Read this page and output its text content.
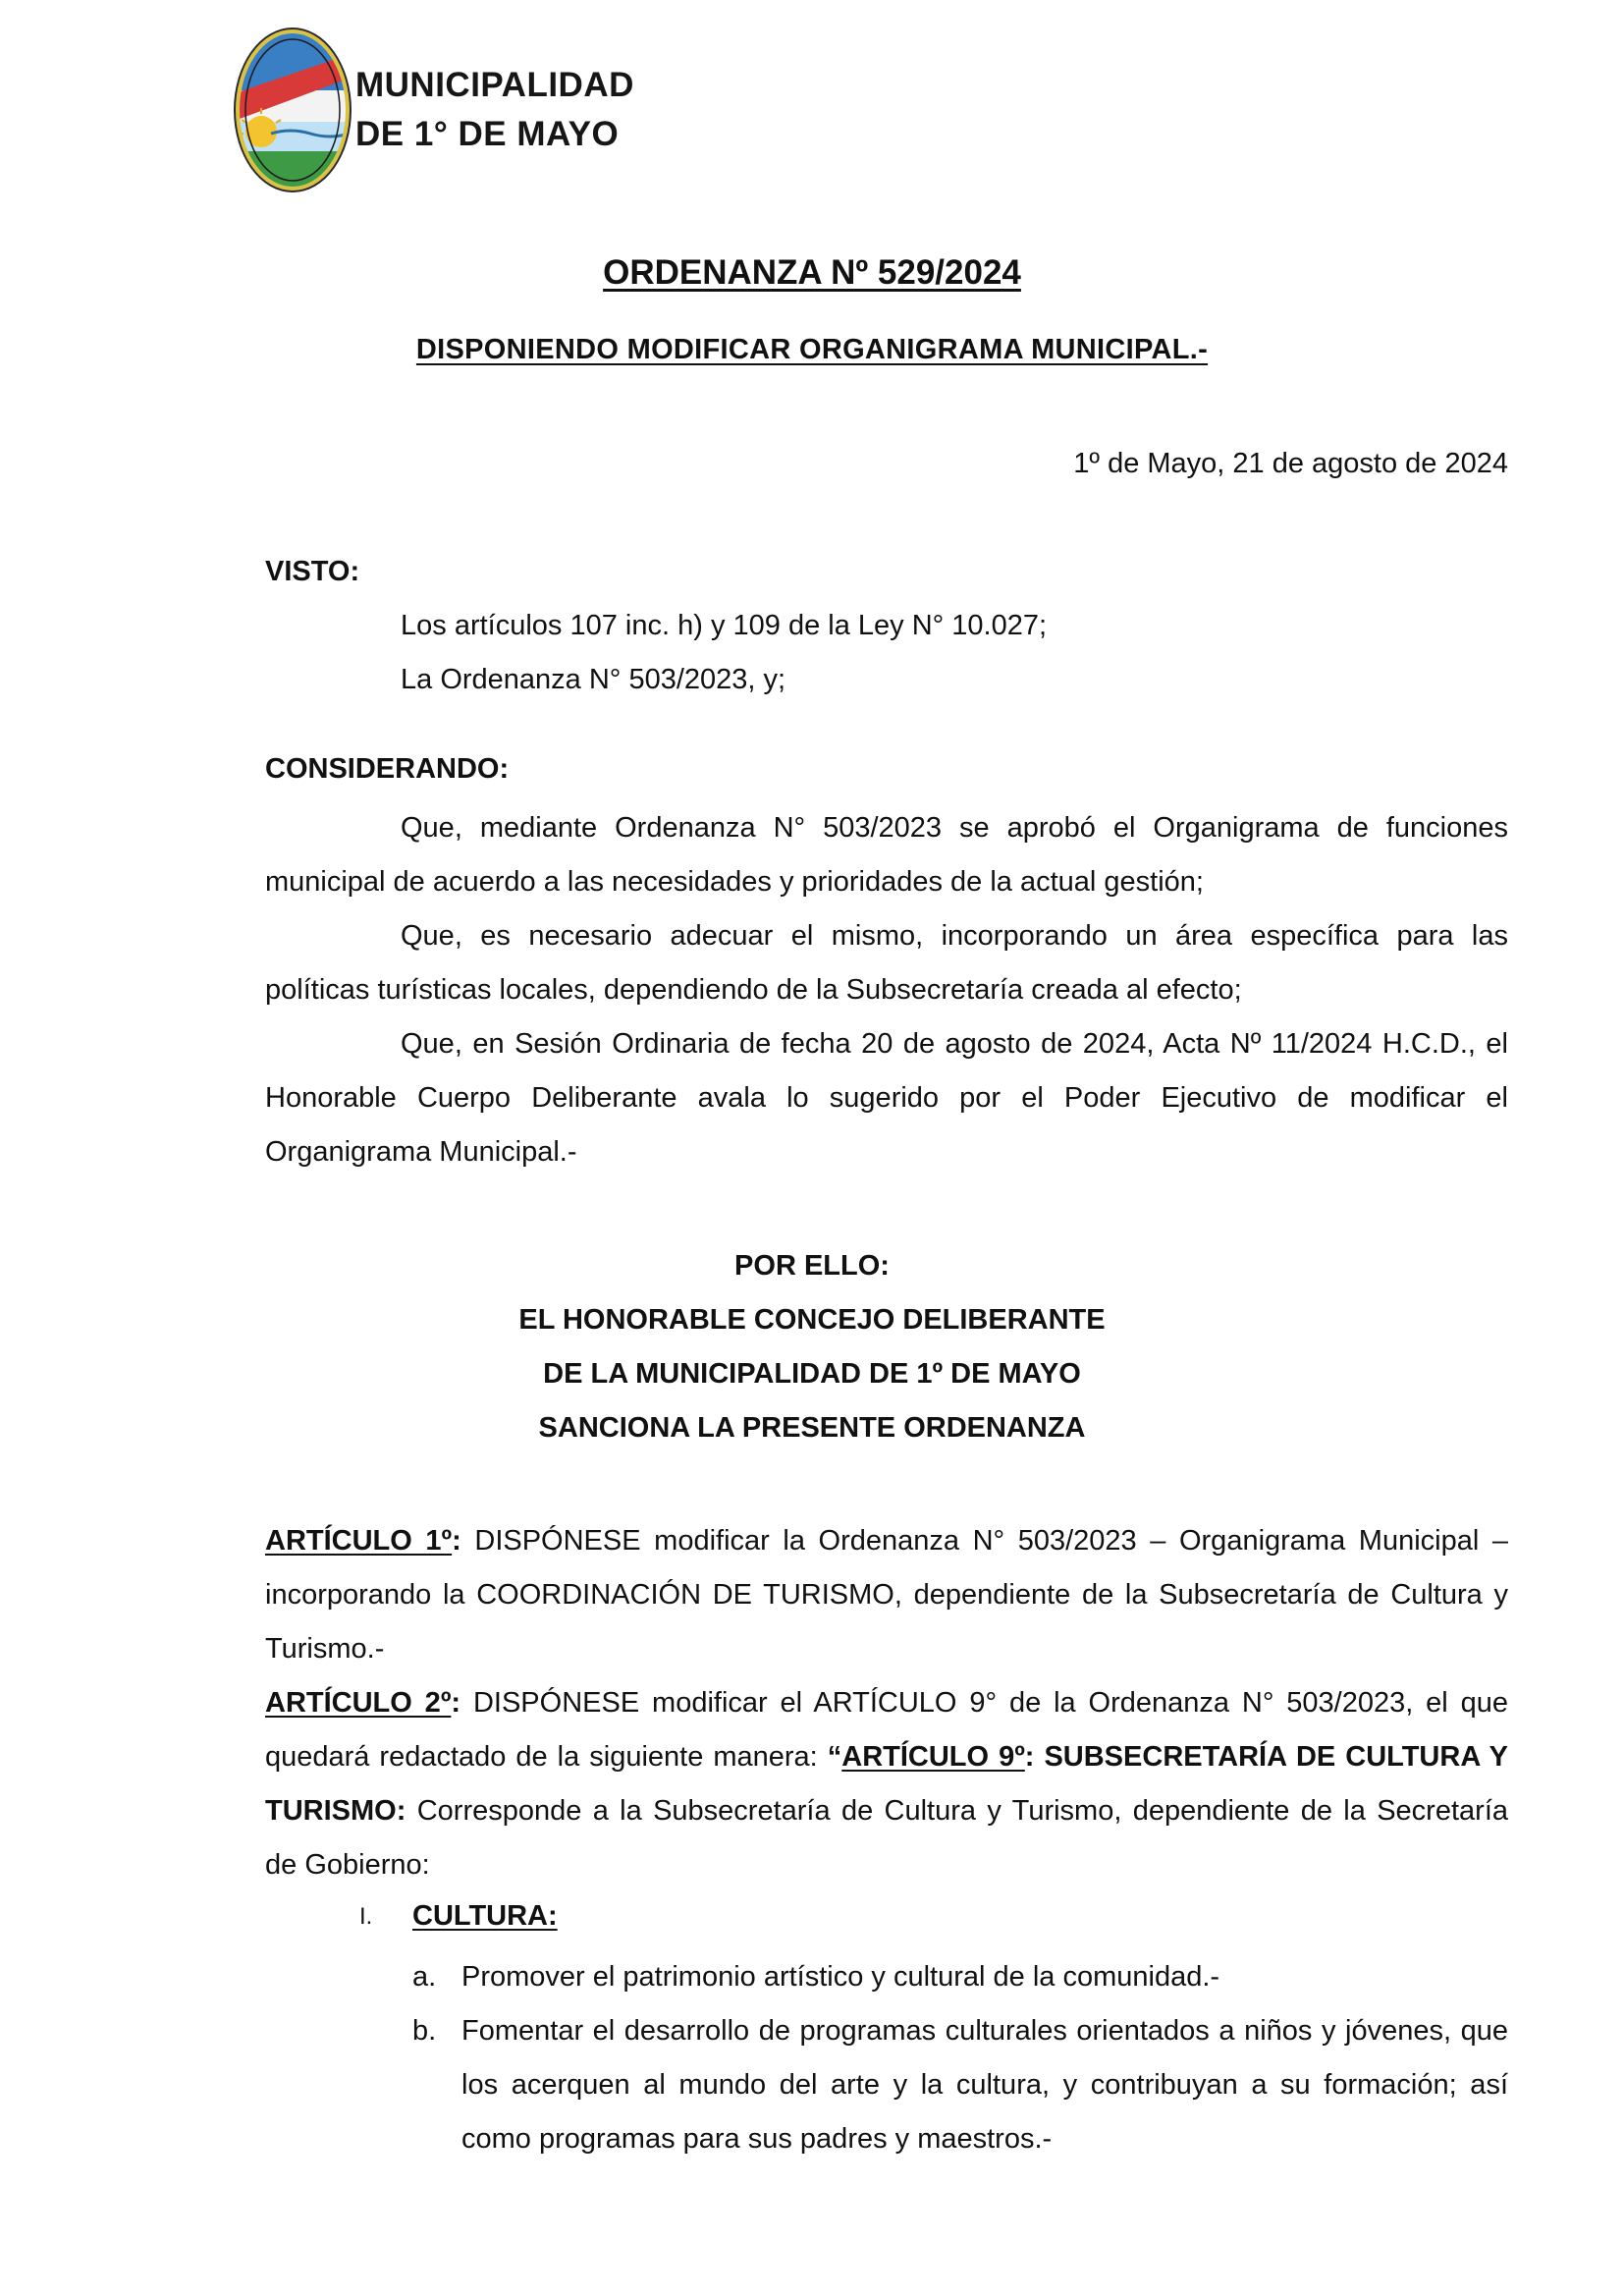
MUNICIPALIDAD
DE 1° DE MAYO
ORDENANZA Nº 529/2024
DISPONIENDO MODIFICAR ORGANIGRAMA MUNICIPAL.-
1º de Mayo, 21 de agosto de 2024
VISTO:
Los artículos 107 inc. h) y 109 de la Ley N° 10.027;
La Ordenanza N° 503/2023, y;
CONSIDERANDO:
Que, mediante Ordenanza N° 503/2023 se aprobó el Organigrama de funciones municipal de acuerdo a las necesidades y prioridades de la actual gestión;
Que, es necesario adecuar el mismo, incorporando un área específica para las políticas turísticas locales, dependiendo de la Subsecretaría creada al efecto;
Que, en Sesión Ordinaria de fecha 20 de agosto de 2024, Acta Nº 11/2024 H.C.D., el Honorable Cuerpo Deliberante avala lo sugerido por el Poder Ejecutivo de modificar el Organigrama Municipal.-
POR ELLO:
EL HONORABLE CONCEJO DELIBERANTE
DE LA MUNICIPALIDAD DE 1º DE MAYO
SANCIONA LA PRESENTE ORDENANZA
ARTÍCULO 1º: DISPÓNESE modificar la Ordenanza N° 503/2023 – Organigrama Municipal – incorporando la COORDINACIÓN DE TURISMO, dependiente de la Subsecretaría de Cultura y Turismo.-
ARTÍCULO 2º: DISPÓNESE modificar el ARTÍCULO 9° de la Ordenanza N° 503/2023, el que quedará redactado de la siguiente manera: “ARTÍCULO 9º: SUBSECRETARÍA DE CULTURA Y TURISMO: Corresponde a la Subsecretaría de Cultura y Turismo, dependiente de la Secretaría de Gobierno:
I. CULTURA:
a. Promover el patrimonio artístico y cultural de la comunidad.-
b. Fomentar el desarrollo de programas culturales orientados a niños y jóvenes, que los acerquen al mundo del arte y la cultura, y contribuyan a su formación; así como programas para sus padres y maestros.-
